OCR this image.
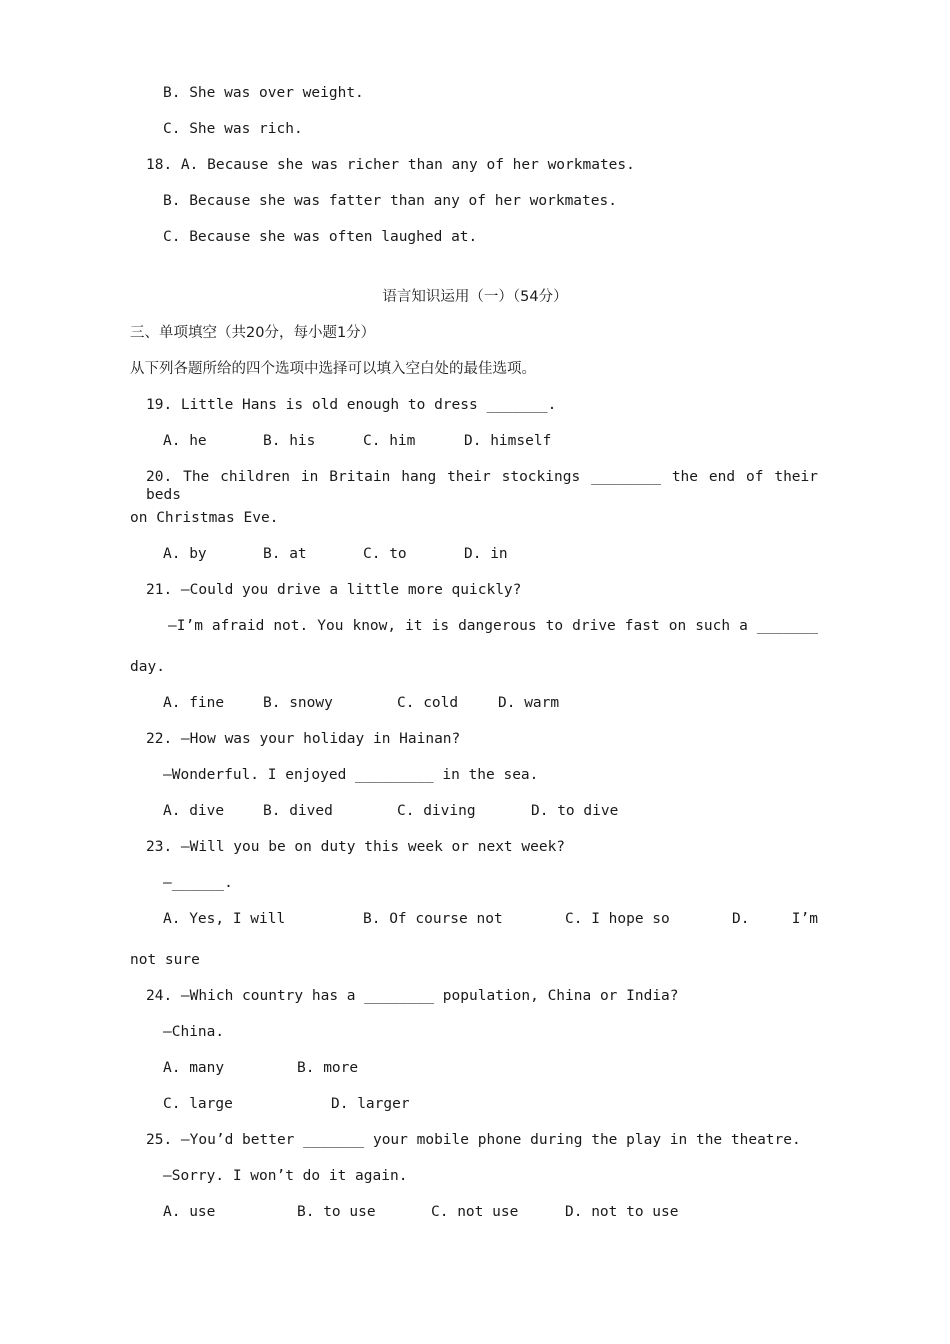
B. She was over weight.
C. She was rich.
18. A. Because she was richer than any of her workmates.
B. Because she was fatter than any of her workmates.
C. Because she was often laughed at.
语言知识运用（一）（54分）
三、单项填空（共20分，每小题1分）
从下列各题所给的四个选项中选择可以填入空白处的最佳选项。
19. Little Hans is old enough to dress _______.
A. he	B. his	C. him	D. himself
20. The children in Britain hang their stockings ________ the end of their beds
on Christmas Eve.
A. by	B. at	C. to	D. in
21. —Could you drive a little more quickly?
—I’m afraid not. You know, it is dangerous to drive fast on such a _______
day.
A. fine	B. snowy	C. cold	D. warm
22. —How was your holiday in Hainan?
—Wonderful. I enjoyed _________ in the sea.
A. dive	B. dived	C. diving	D. to dive
23. —Will you be on duty this week or next week?
—______.
A. Yes, I will	B. Of course not	C. I hope so	D. I’m
not sure
24. —Which country has a ________ population, China or India?
—China.
A. many	B. more
C. large	D. larger
25. —You’d better _______ your mobile phone during the play in the theatre.
—Sorry. I won’t do it again.
A. use	B. to use	C. not use	D. not to use
